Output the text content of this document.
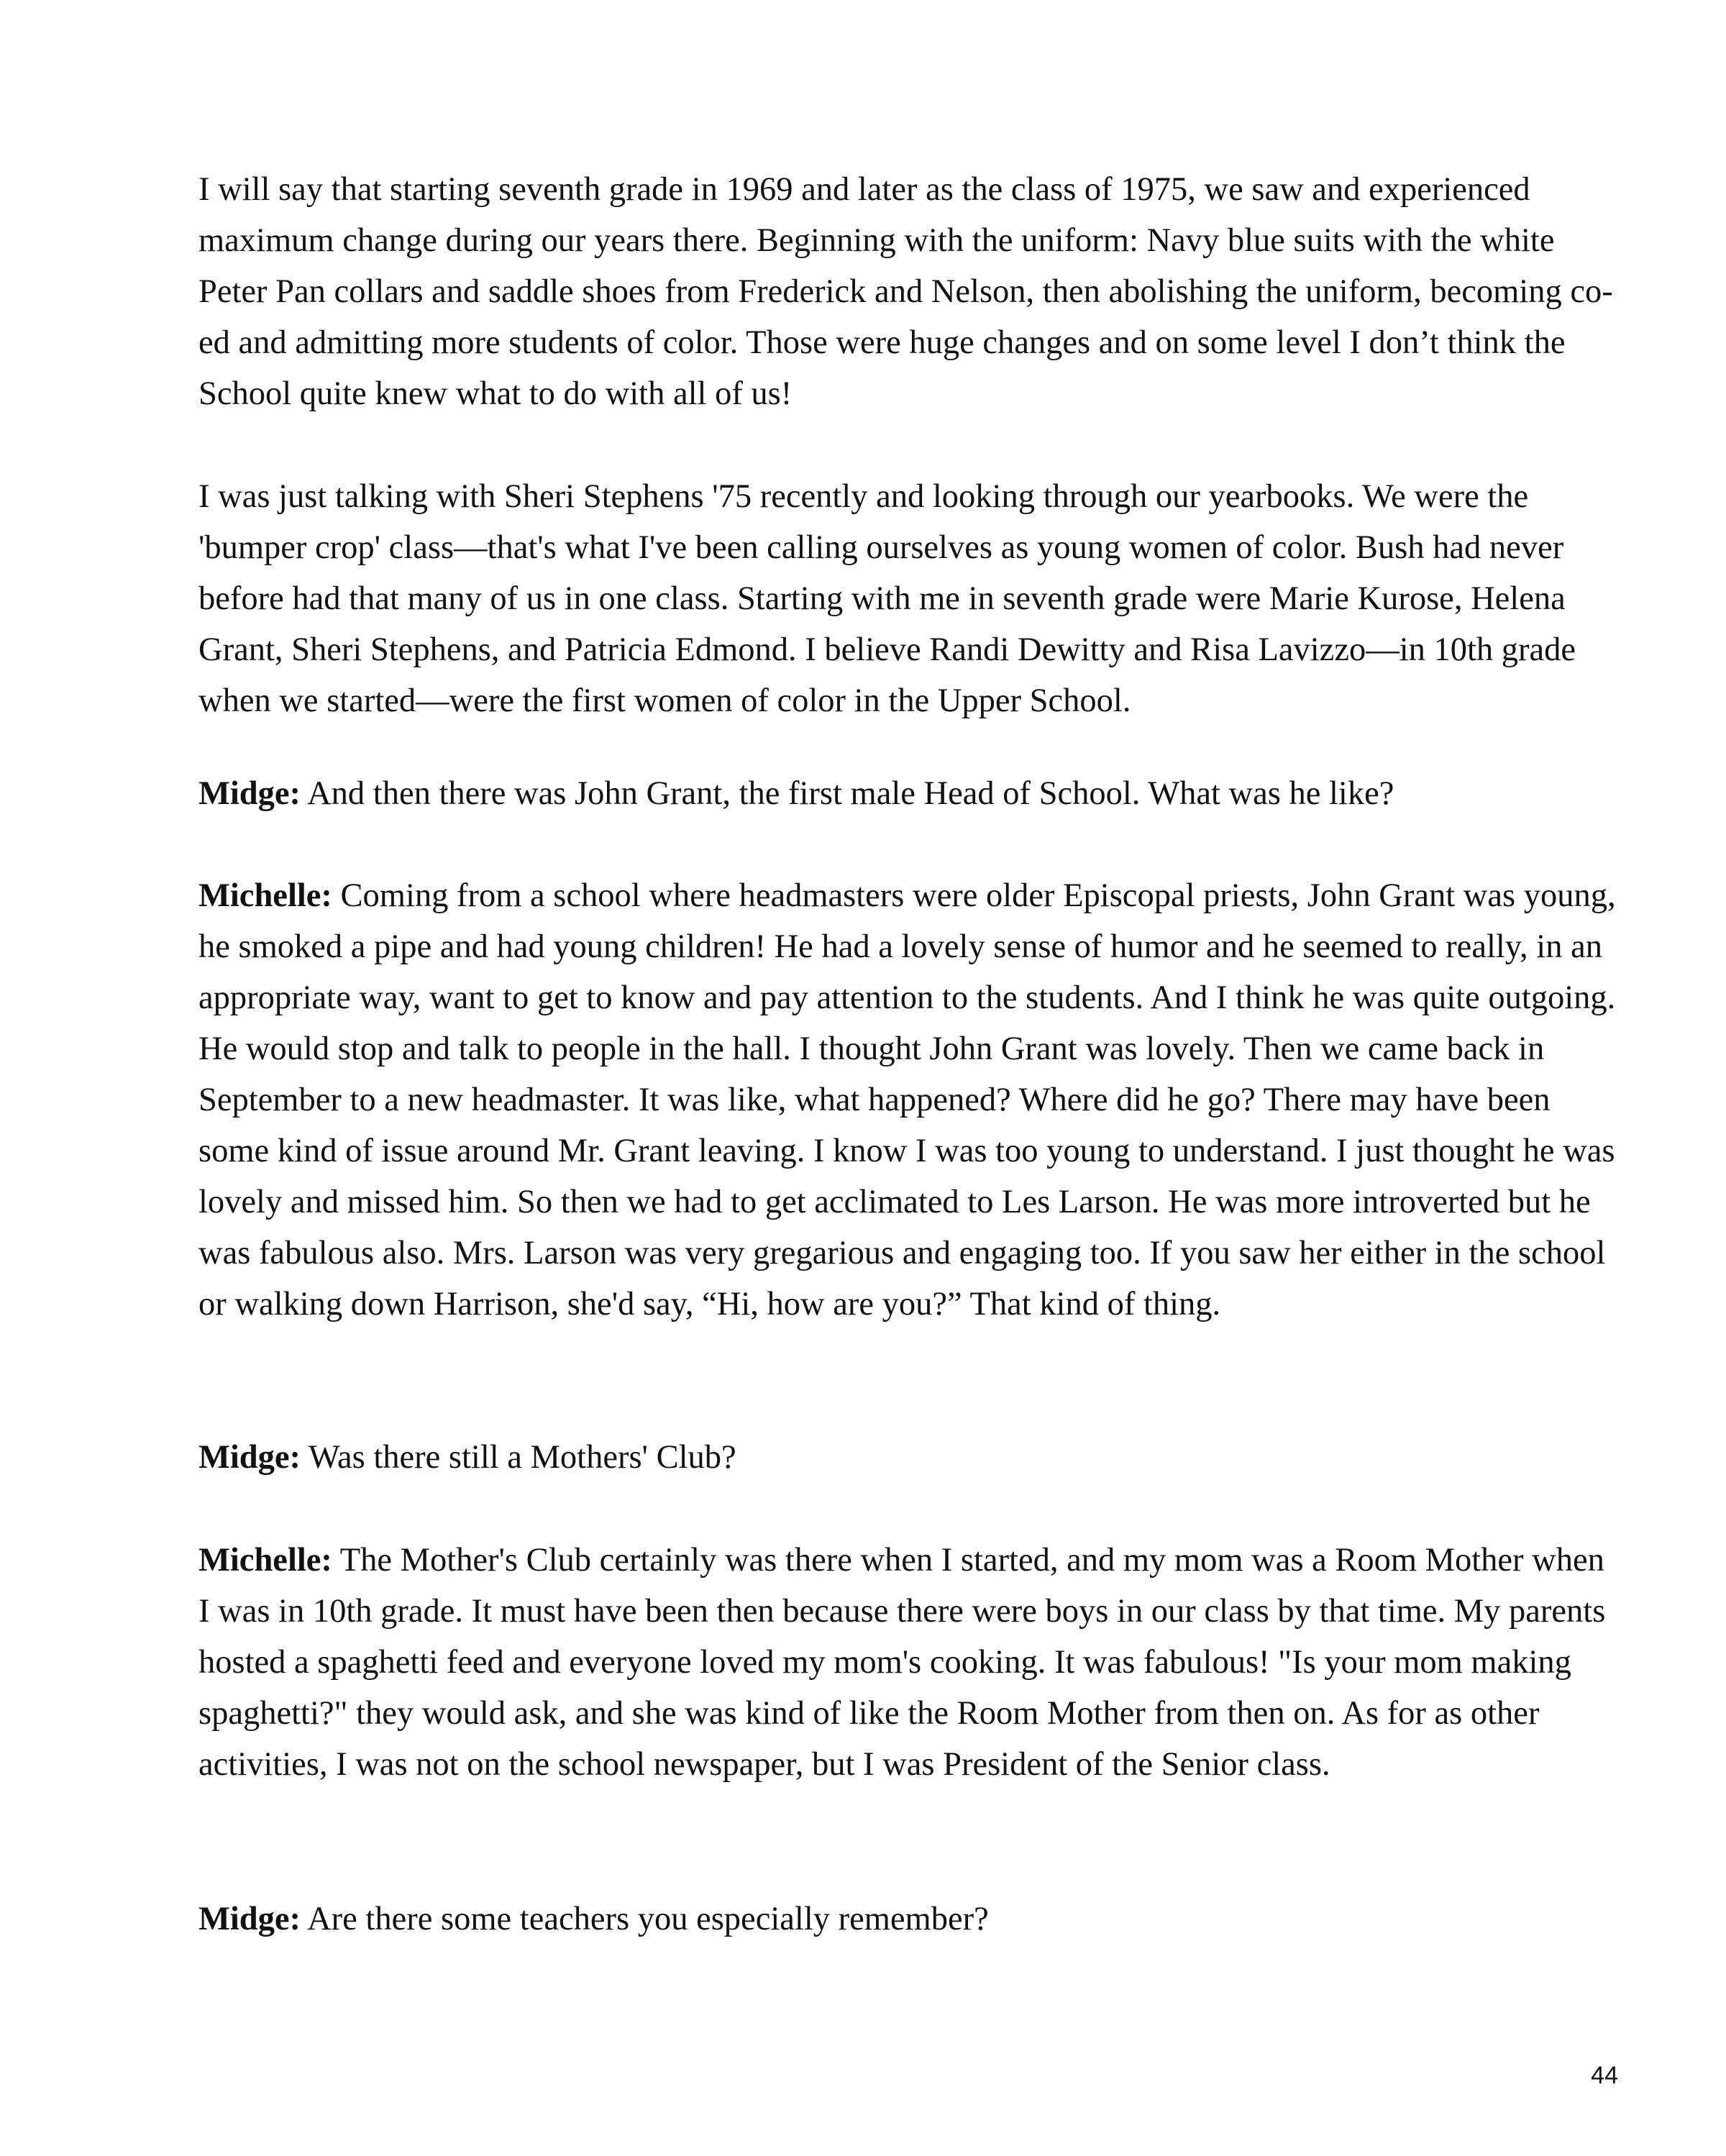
I will say that starting seventh grade in 1969 and later as the class of 1975, we saw and experienced maximum change during our years there. Beginning with the uniform: Navy blue suits with the white Peter Pan collars and saddle shoes from Frederick and Nelson, then abolishing the uniform, becoming co-ed and admitting more students of color. Those were huge changes and on some level I don’t think the School quite knew what to do with all of us!

I was just talking with Sheri Stephens '75 recently and looking through our yearbooks. We were the 'bumper crop' class—that's what I've been calling ourselves as young women of color. Bush had never before had that many of us in one class. Starting with me in seventh grade were Marie Kurose, Helena Grant, Sheri Stephens, and Patricia Edmond. I believe Randi Dewitty and Risa Lavizzo—in 10th grade when we started—were the first women of color in the Upper School.

Midge: And then there was John Grant, the first male Head of School. What was he like?

Michelle: Coming from a school where headmasters were older Episcopal priests, John Grant was young, he smoked a pipe and had young children! He had a lovely sense of humor and he seemed to really, in an appropriate way, want to get to know and pay attention to the students. And I think he was quite outgoing. He would stop and talk to people in the hall. I thought John Grant was lovely. Then we came back in September to a new headmaster. It was like, what happened? Where did he go? There may have been some kind of issue around Mr. Grant leaving. I know I was too young to understand. I just thought he was lovely and missed him. So then we had to get acclimated to Les Larson. He was more introverted but he was fabulous also. Mrs. Larson was very gregarious and engaging too. If you saw her either in the school or walking down Harrison, she'd say, “Hi, how are you?” That kind of thing.

Midge: Was there still a Mothers' Club?

Michelle: The Mother's Club certainly was there when I started, and my mom was a Room Mother when I was in 10th grade. It must have been then because there were boys in our class by that time. My parents hosted a spaghetti feed and everyone loved my mom's cooking. It was fabulous! "Is your mom making spaghetti?" they would ask, and she was kind of like the Room Mother from then on. As for as other activities, I was not on the school newspaper, but I was President of the Senior class.

Midge: Are there some teachers you especially remember?

44
